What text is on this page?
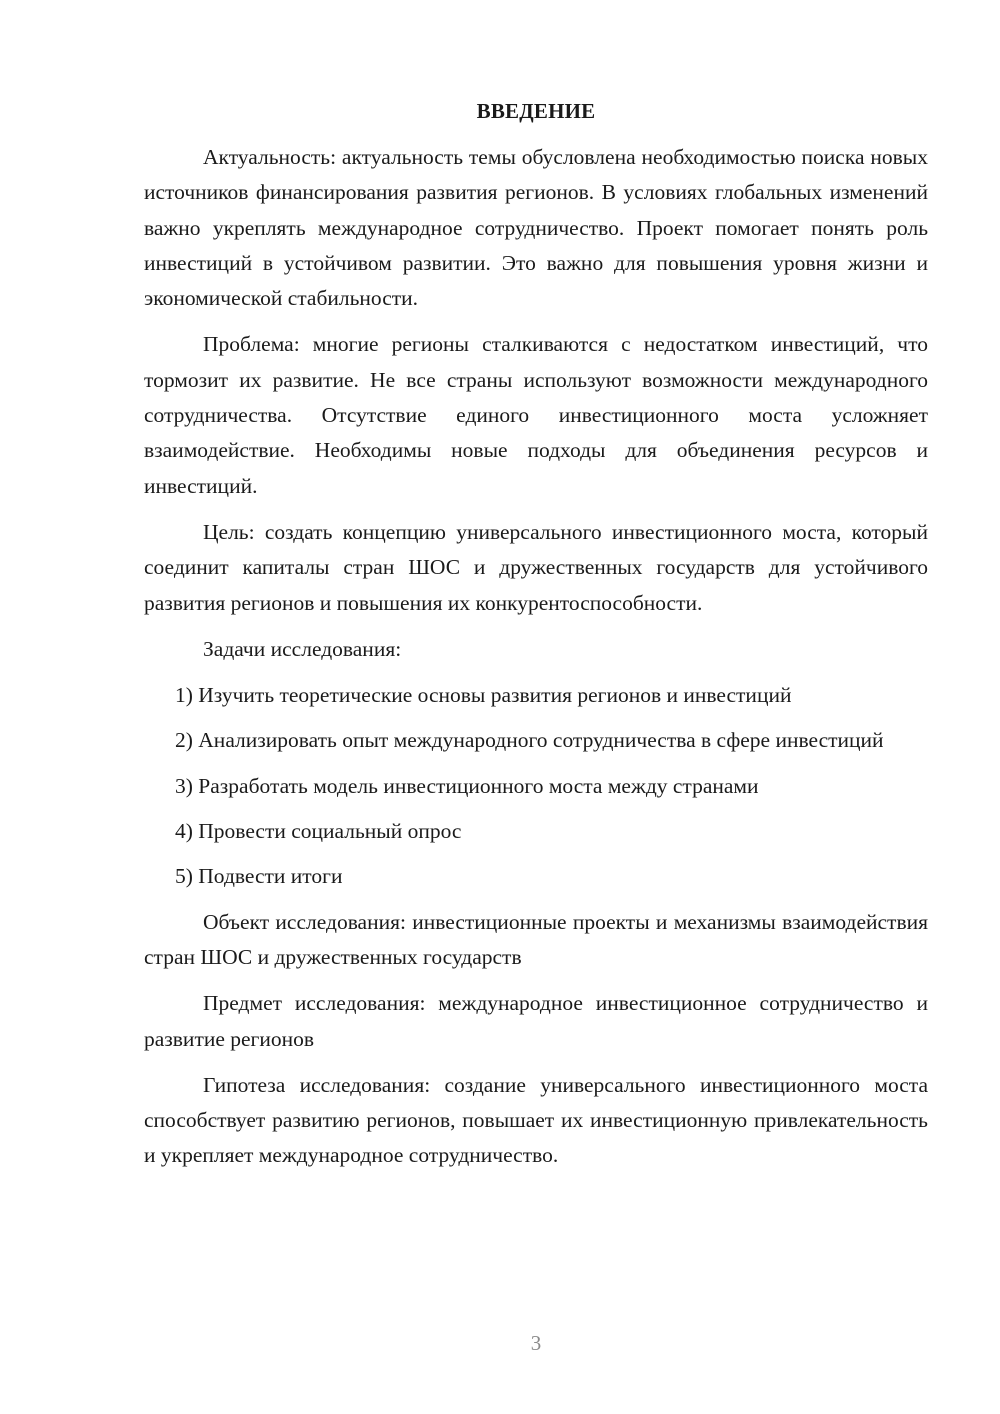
ВВЕДЕНИЕ

Актуальность: актуальность темы обусловлена необходимостью поиска новых источников финансирования развития регионов. В условиях глобальных изменений важно укреплять международное сотрудничество. Проект помогает понять роль инвестиций в устойчивом развитии. Это важно для повышения уровня жизни и экономической стабильности.

Проблема: многие регионы сталкиваются с недостатком инвестиций, что тормозит их развитие. Не все страны используют возможности международного сотрудничества. Отсутствие единого инвестиционного моста усложняет взаимодействие. Необходимы новые подходы для объединения ресурсов и инвестиций.

Цель: создать концепцию универсального инвестиционного моста, который соединит капиталы стран ШОС и дружественных государств для устойчивого развития регионов и повышения их конкурентоспособности.

Задачи исследования:

1) Изучить теоретические основы развития регионов и инвестиций

2) Анализировать опыт международного сотрудничества в сфере инвестиций

3) Разработать модель инвестиционного моста между странами

4) Провести социальный опрос

5) Подвести итоги

Объект исследования: инвестиционные проекты и механизмы взаимодействия стран ШОС и дружественных государств

Предмет исследования: международное инвестиционное сотрудничество и развитие регионов

Гипотеза исследования: создание универсального инвестиционного моста способствует развитию регионов, повышает их инвестиционную привлекательность и укрепляет международное сотрудничество.

3
